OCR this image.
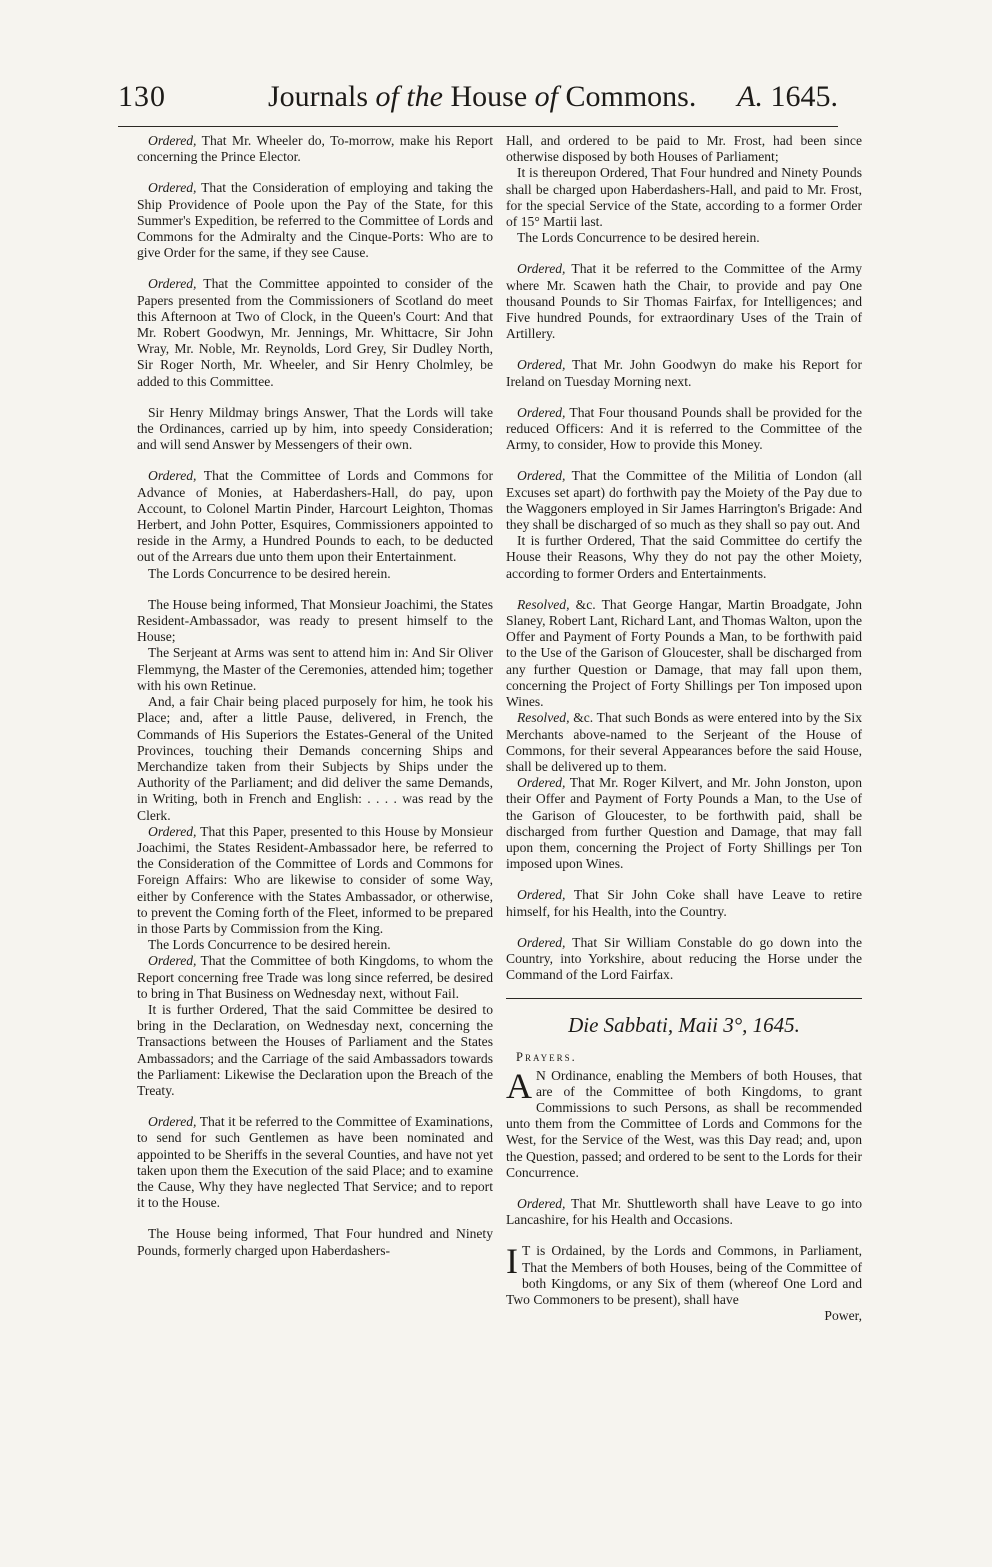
130	Journals of the House of Commons. A. 1645.

Ordered, That Mr. Wheeler do, To-morrow, make his Report concerning the Prince Elector.

Ordered, That the Consideration of employing and taking the Ship Providence of Poole upon the Pay of the State, for this Summer's Expedition, be referred to the Committee of Lords and Commons for the Admiralty and the Cinque-Ports: Who are to give Order for the same, if they see Cause.

Ordered, That the Committee appointed to consider of the Papers presented from the Commissioners of Scotland do meet this Afternoon at Two of Clock, in the Queen's Court: And that Mr. Robert Goodwyn, Mr. Jennings, Mr. Whittacre, Sir John Wray, Mr. Noble, Mr. Reynolds, Lord Grey, Sir Dudley North, Sir Roger North, Mr. Wheeler, and Sir Henry Cholmley, be added to this Committee.

Sir Henry Mildmay brings Answer, That the Lords will take the Ordinances, carried up by him, into speedy Consideration; and will send Answer by Messengers of their own.

Ordered, That the Committee of Lords and Commons for Advance of Monies, at Haberdashers-Hall, do pay, upon Account, to Colonel Martin Pinder, Harcourt Leighton, Thomas Herbert, and John Potter, Esquires, Commissioners appointed to reside in the Army, a Hundred Pounds to each, to be deducted out of the Arrears due unto them upon their Entertainment.

The Lords Concurrence to be desired herein.

The House being informed, That Monsieur Joachimi, the States Resident-Ambassador, was ready to present himself to the House;

The Serjeant at Arms was sent to attend him in: And Sir Oliver Flemmyng, the Master of the Ceremonies, attended him; together with his own Retinue.

And, a fair Chair being placed purposely for him, he took his Place; and, after a little Pause, delivered, in French, the Commands of His Superiors the Estates-General of the United Provinces, touching their Demands concerning Ships and Merchandize taken from their Subjects by Ships under the Authority of the Parliament; and did deliver the same Demands, in Writing, both in French and English: . . . . was read by the Clerk.

Ordered, That this Paper, presented to this House by Monsieur Joachimi, the States Resident-Ambassador here, be referred to the Consideration of the Committee of Lords and Commons for Foreign Affairs: Who are likewise to consider of some Way, either by Conference with the States Ambassador, or otherwise, to prevent the Coming forth of the Fleet, informed to be prepared in those Parts by Commission from the King.

The Lords Concurrence to be desired herein.

Ordered, That the Committee of both Kingdoms, to whom the Report concerning free Trade was long since referred, be desired to bring in That Business on Wednesday next, without Fail.

It is further Ordered, That the said Committee be desired to bring in the Declaration, on Wednesday next, concerning the Transactions between the Houses of Parliament and the States Ambassadors; and the Carriage of the said Ambassadors towards the Parliament: Likewise the Declaration upon the Breach of the Treaty.

Ordered, That it be referred to the Committee of Examinations, to send for such Gentlemen as have been nominated and appointed to be Sheriffs in the several Counties, and have not yet taken upon them the Execution of the said Place; and to examine the Cause, Why they have neglected That Service; and to report it to the House.

The House being informed, That Four hundred and Ninety Pounds, formerly charged upon Haberdashers-

Hall, and ordered to be paid to Mr. Frost, had been since otherwise disposed by both Houses of Parliament;

It is thereupon Ordered, That Four hundred and Ninety Pounds shall be charged upon Haberdashers-Hall, and paid to Mr. Frost, for the special Service of the State, according to a former Order of 15° Martii last.

The Lords Concurrence to be desired herein.

Ordered, That it be referred to the Committee of the Army where Mr. Scawen hath the Chair, to provide and pay One thousand Pounds to Sir Thomas Fairfax, for Intelligences; and Five hundred Pounds, for extraordinary Uses of the Train of Artillery.

Ordered, That Mr. John Goodwyn do make his Report for Ireland on Tuesday Morning next.

Ordered, That Four thousand Pounds shall be provided for the reduced Officers: And it is referred to the Committee of the Army, to consider, How to provide this Money.

Ordered, That the Committee of the Militia of London (all Excuses set apart) do forthwith pay the Moiety of the Pay due to the Waggoners employed in Sir James Harrington's Brigade: And they shall be discharged of so much as they shall so pay out. And

It is further Ordered, That the said Committee do certify the House their Reasons, Why they do not pay the other Moiety, according to former Orders and Entertainments.

Resolved, &c. That George Hangar, Martin Broadgate, John Slaney, Robert Lant, Richard Lant, and Thomas Walton, upon the Offer and Payment of Forty Pounds a Man, to be forthwith paid to the Use of the Garison of Gloucester, shall be discharged from any further Question or Damage, that may fall upon them, concerning the Project of Forty Shillings per Ton imposed upon Wines.

Resolved, &c. That such Bonds as were entered into by the Six Merchants above-named to the Serjeant of the House of Commons, for their several Appearances before the said House, shall be delivered up to them.

Ordered, That Mr. Roger Kilvert, and Mr. John Jonston, upon their Offer and Payment of Forty Pounds a Man, to the Use of the Garison of Gloucester, to be forthwith paid, shall be discharged from further Question and Damage, that may fall upon them, concerning the Project of Forty Shillings per Ton imposed upon Wines.

Ordered, That Sir John Coke shall have Leave to retire himself, for his Health, into the Country.

Ordered, That Sir William Constable do go down into the Country, into Yorkshire, about reducing the Horse under the Command of the Lord Fairfax.

Die Sabbati, Maii 3°, 1645.
Prayers.

A N Ordinance, enabling the Members of both Houses, that are of the Committee of both Kingdoms, to grant Commissions to such Persons, as shall be recommended unto them from the Committee of Lords and Commons for the West, for the Service of the West, was this Day read; and, upon the Question, passed; and ordered to be sent to the Lords for their Concurrence.

Ordered, That Mr. Shuttleworth shall have Leave to go into Lancashire, for his Health and Occasions.

I T is Ordained, by the Lords and Commons, in Parliament, That the Members of both Houses, being of the Committee of both Kingdoms, or any Six of them (whereof One Lord and Two Commoners to be present), shall have

Power,
